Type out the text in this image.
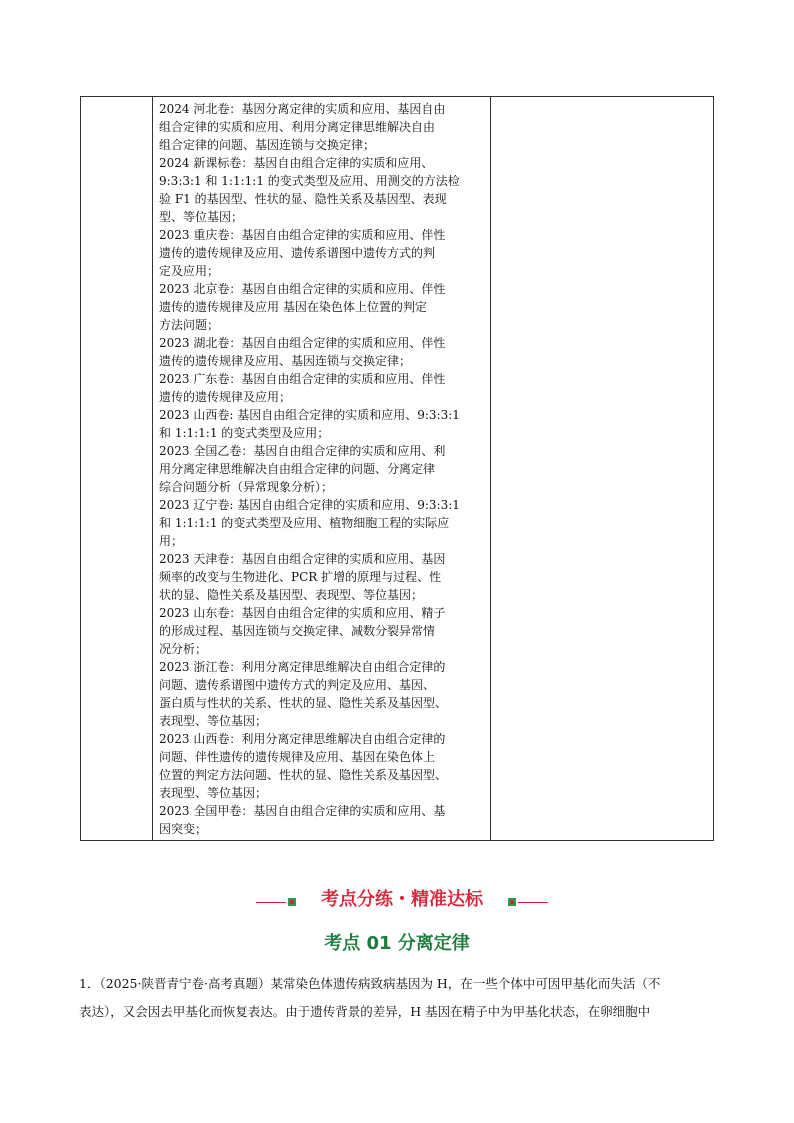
2024 河北卷：基因分离定律的实质和应用、基因自由
组合定律的实质和应用、利用分离定律思维解决自由
组合定律的问题、基因连锁与交换定律；
2024 新课标卷：基因自由组合定律的实质和应用、
9:3:3:1 和 1:1:1:1 的变式类型及应用、用测交的方法检
验 F1 的基因型、性状的显、隐性关系及基因型、表现
型、等位基因；
2023 重庆卷：基因自由组合定律的实质和应用、伴性
遗传的遗传规律及应用、遗传系谱图中遗传方式的判
定及应用；
2023 北京卷：基因自由组合定律的实质和应用、伴性
遗传的遗传规律及应用 基因在染色体上位置的判定
方法问题；
2023 湖北卷：基因自由组合定律的实质和应用、伴性
遗传的遗传规律及应用、基因连锁与交换定律；
2023 广东卷：基因自由组合定律的实质和应用、伴性
遗传的遗传规律及应用；
2023 山西卷: 基因自由组合定律的实质和应用、9:3:3:1
和 1:1:1:1 的变式类型及应用；
2023 全国乙卷：基因自由组合定律的实质和应用、利
用分离定律思维解决自由组合定律的问题、分离定律
综合问题分析（异常现象分析）；
2023 辽宁卷: 基因自由组合定律的实质和应用、9:3:3:1
和 1:1:1:1 的变式类型及应用、植物细胞工程的实际应
用；
2023 天津卷：基因自由组合定律的实质和应用、基因
频率的改变与生物进化、PCR 扩增的原理与过程、性
状的显、隐性关系及基因型、表现型、等位基因；
2023 山东卷：基因自由组合定律的实质和应用、精子
的形成过程、基因连锁与交换定律、减数分裂异常情
况分析；
2023 浙江卷：利用分离定律思维解决自由组合定律的
问题、遗传系谱图中遗传方式的判定及应用、基因、
蛋白质与性状的关系、性状的显、隐性关系及基因型、
表现型、等位基因；
2023 山西卷：利用分离定律思维解决自由组合定律的
问题、伴性遗传的遗传规律及应用、基因在染色体上
位置的判定方法问题、性状的显、隐性关系及基因型、
表现型、等位基因；
2023 全国甲卷：基因自由组合定律的实质和应用、基
因突变；
考点分练・精准达标
考点 01 分离定律
1．（2025·陕晋青宁卷·高考真题）某常染色体遗传病致病基因为 H，在一些个体中可因甲基化而失活（不
表达），又会因去甲基化而恢复表达。由于遗传背景的差异，H 基因在精子中为甲基化状态，在卵细胞中
